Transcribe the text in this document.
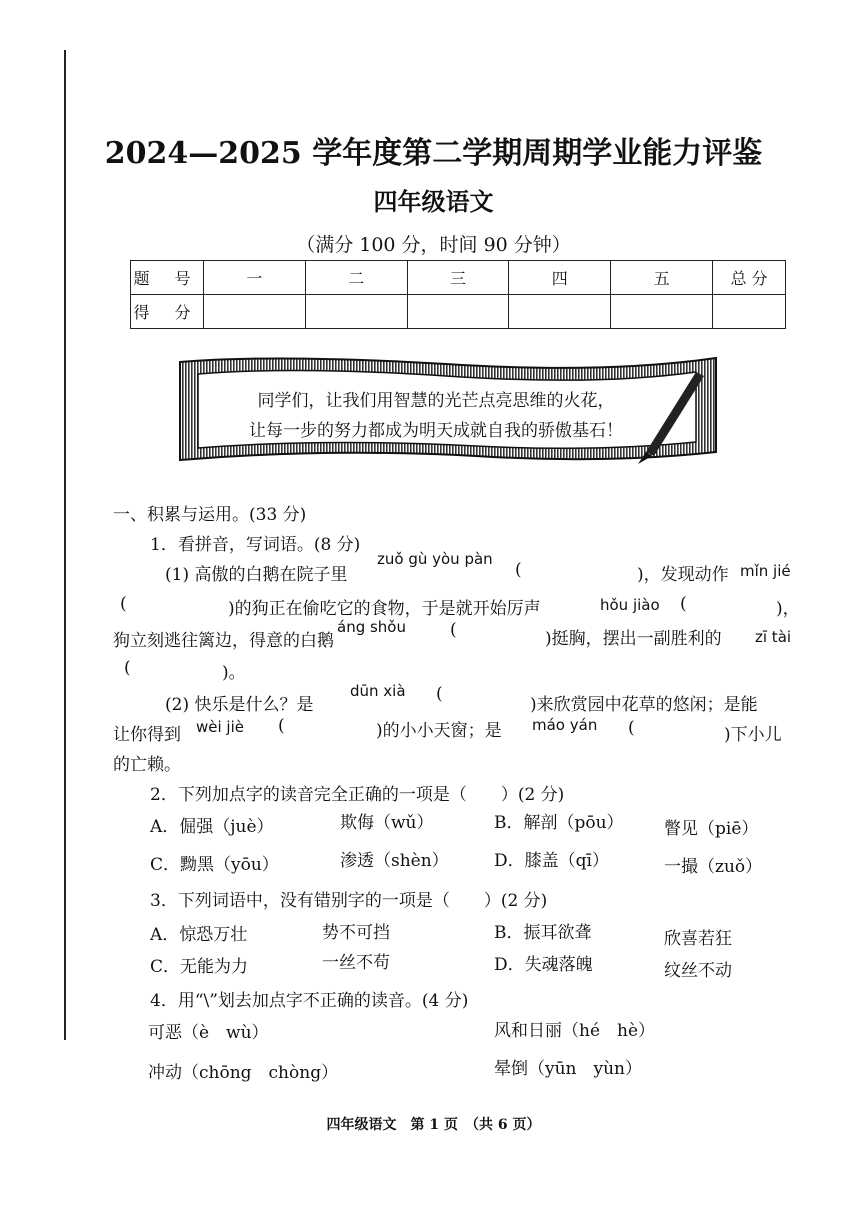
2024—2025 学年度第二学期周期学业能力评鉴
四年级语文
（满分 100 分，时间 90 分钟）
题 号	一	二	三	四	五	总 分
得 分						
同学们，让我们用智慧的光芒点亮思维的火花，
让每一步的努力都成为明天成就自我的骄傲基石！
一、积累与运用。(33 分)
1．看拼音，写词语。(8 分)
(1) 高傲的白鹅在院子里
zuǒ gù yòu pàn
(	)，发现动作 mǐn jié
(	)的狗正在偷吃它的食物，于是就开始厉声	hǒu jiào (	)，
狗立刻逃往篱边，得意的白鹅
áng shǒu	(	)挺胸，摆出一副胜利的 zī tài
(	)。
(2) 快乐是什么？是
dūn xià (
)来欣赏园中花草的悠闲；是能
让你得到 wèi jiè (	)的小小天窗；是 máo yán (	)下小儿
的亡赖。
2．下列加点字的读音完全正确的一项是（　　）(2 分)
A．倔强（juè）	欺侮（wǔ）	B．解剖（pōu） 瞥见（piē）
C．黝黑（yōu）	渗透（shèn）	D．膝盖（qī）	一撮（zuǒ）
3．下列词语中，没有错别字的一项是（　　）(2 分)
A．惊恐万壮	势不可挡	B．振耳欲聋	欣喜若狂
C．无能为力	一丝不苟	D．失魂落魄	纹丝不动
4．用“\”划去加点字不正确的读音。(4 分)
可恶（è　wù）	风和日丽（hé　hè）
冲动（chōng　chòng）	晕倒（yūn　yùn）
四年级语文　第 1 页　（共 6 页）
